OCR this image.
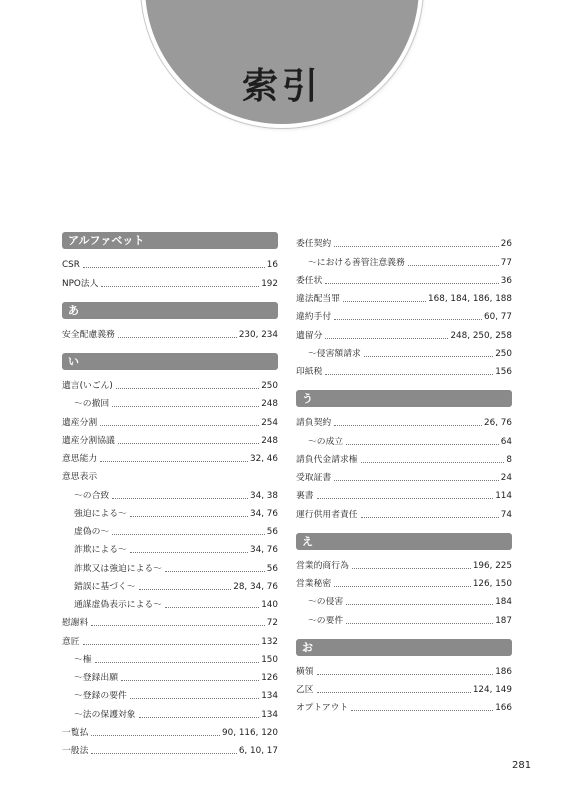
索引
アルファベット
CSR	16
NPO法人	192
あ
安全配慮義務	230, 234
い
遺言(いごん)	250
〜の撤回	248
遺産分割	254
遺産分割協議	248
意思能力	32, 46
意思表示
〜の合致	34, 38
強迫による〜	34, 76
虚偽の〜	56
詐欺による〜	34, 76
詐欺又は強迫による〜	56
錯誤に基づく〜	28, 34, 76
通謀虚偽表示による〜	140
慰謝料	72
意匠	132
〜権	150
〜登録出願	126
〜登録の要件	134
〜法の保護対象	134
一覧払	90, 116, 120
一般法	6, 10, 17
委任契約	26
〜における善管注意義務	77
委任状	36
違法配当罪	168, 184, 186, 188
違約手付	60, 77
遺留分	248, 250, 258
〜侵害額請求	250
印紙税	156
う
請負契約	26, 76
〜の成立	64
請負代金請求権	8
受取証書	24
裏書	114
運行供用者責任	74
え
営業的商行為	196, 225
営業秘密	126, 150
〜の侵害	184
〜の要件	187
お
横領	186
乙区	124, 149
オプトアウト	166
281
